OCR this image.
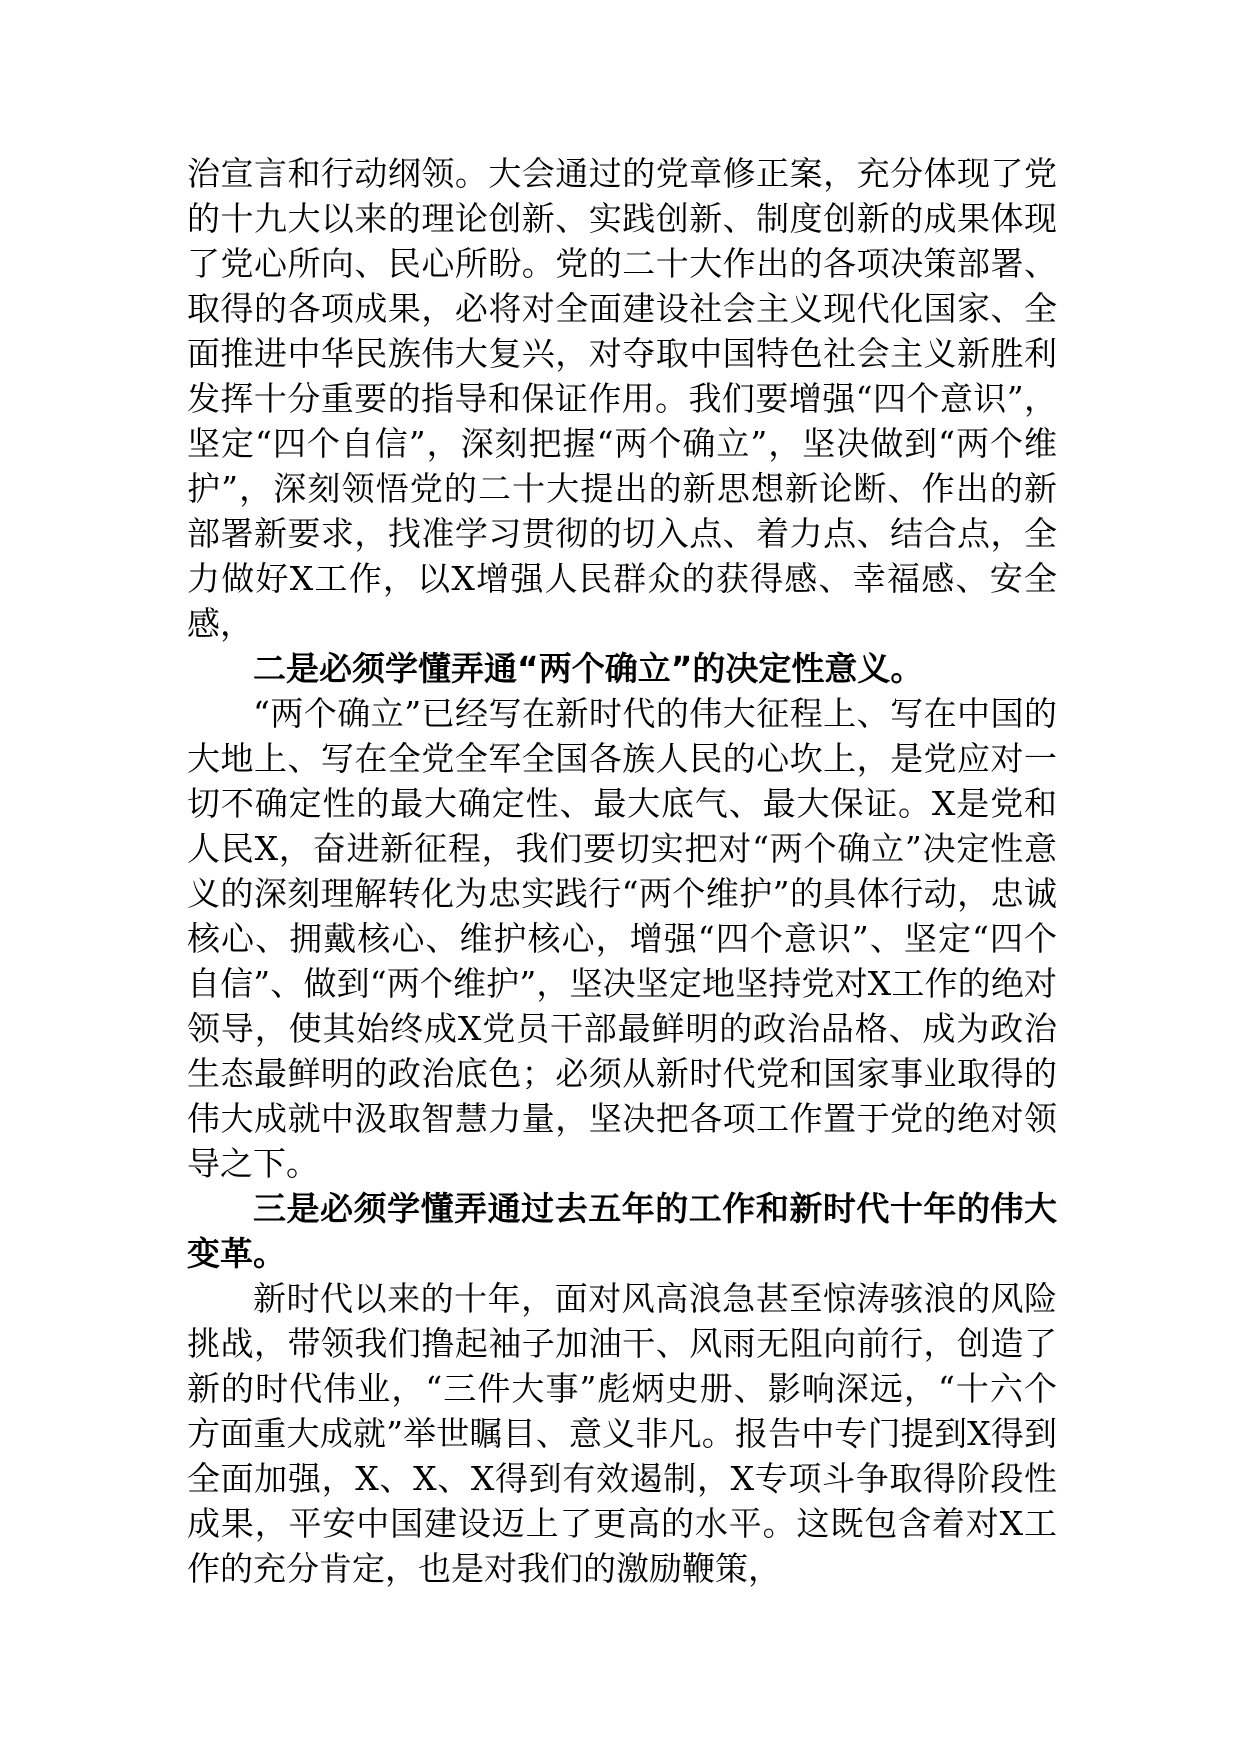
治宣言和行动纲领。大会通过的党章修正案，充分体现了党的十九大以来的理论创新、实践创新、制度创新的成果体现了党心所向、民心所盼。党的二十大作出的各项决策部署、取得的各项成果，必将对全面建设社会主义现代化国家、全面推进中华民族伟大复兴，对夺取中国特色社会主义新胜利发挥十分重要的指导和保证作用。我们要增强“四个意识”，坚定“四个自信”，深刻把握“两个确立”，坚决做到“两个维护”，深刻领悟党的二十大提出的新思想新论断、作出的新部署新要求，找准学习贯彻的切入点、着力点、结合点，全力做好X工作，以X增强人民群众的获得感、幸福感、安全感，

二是必须学懂弄通“两个确立”的决定性意义。

“两个确立”已经写在新时代的伟大征程上、写在中国的大地上、写在全党全军全国各族人民的心坎上，是党应对一切不确定性的最大确定性、最大底气、最大保证。X是党和人民X，奋进新征程，我们要切实把对“两个确立”决定性意义的深刻理解转化为忠实践行“两个维护”的具体行动，忠诚核心、拥戴核心、维护核心，增强“四个意识”、坚定“四个自信”、做到“两个维护”，坚决坚定地坚持党对X工作的绝对领导，使其始终成X党员干部最鲜明的政治品格、成为政治生态最鲜明的政治底色；必须从新时代党和国家事业取得的伟大成就中汲取智慧力量，坚决把各项工作置于党的绝对领导之下。

三是必须学懂弄通过去五年的工作和新时代十年的伟大变革。

新时代以来的十年，面对风高浪急甚至惊涛骇浪的风险挑战，带领我们撸起袖子加油干、风雨无阻向前行，创造了新的时代伟业，“三件大事”彪炳史册、影响深远，“十六个方面重大成就”举世瞩目、意义非凡。报告中专门提到X得到全面加强，X、X、X得到有效遏制，X专项斗争取得阶段性成果，平安中国建设迈上了更高的水平。这既包含着对X工作的充分肯定，也是对我们的激励鞭策，
